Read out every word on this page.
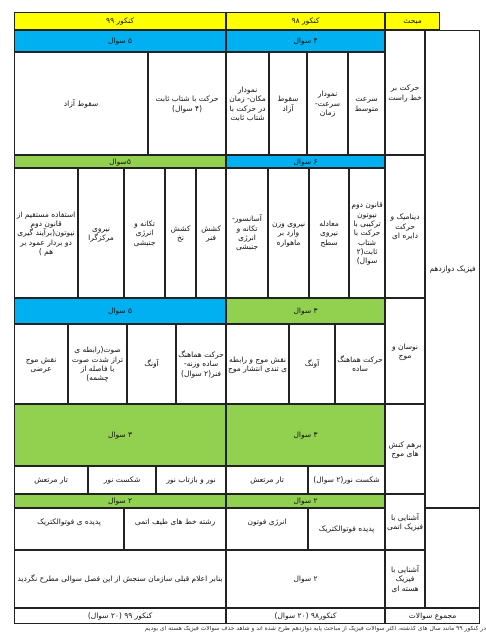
مبحث
کنکور ۹۸
کنکور ۹۹
فیزیک دوازدهم
حرکت بر خط راست
۴ سوال
سرعت متوسط
نمودار سرعت- زمان
سقوط آزاد
نمودار مکان- زمان در حرکت با شتاب ثابت
۵ سوال
حرکت با شتاب ثابت
(۴ سوال)
سقوط آزاد
دینامیک و حرکت دایره ای
۶ سوال
قانون دوم نیوتون ترکیبی با حرکت با شتاب ثابت(۲ سوال)
معادله نیروی سطح
نیروی وزن وارد بر ماهواره
آسانسور- تکانه و انرژی جنبشی
۵سوال
کشش فنر
کشش نخ
تکانه و انرژی جنبشی
نیروی مرکزگرا
استفاده مستقیم از قانون دوم نیوتون(برآیند گیری دو بردار عمود بر هم )
نوسان و موج
۳ سوال
حرکت هماهنگ ساده
آونگ
نقش موج و رابطه ی تندی انتشار موج
۵ سوال
حرکت هماهنگ ساده وزنه- فنر(۲ سوال)
آونگ
صوت(رابطه ی تراز شدت صوت با فاصله از چشمه)
نقش موج عرضی
برهم کنش های موج
۳ سوال
شکست نور(۲ سوال)
تار مرتعش
۳ سوال
نور و بازتاب نور
شکست نور
تار مرتعش
آشنایی با فیزیک اتمی
۲ سوال
پدیده فوتوالکتریک
انرژی فوتون
۲ سوال
رشته خط های طیف اتمی
پدیده ی فوتوالکتریک
آشنایی با فیزیک هسته ای
۲ سوال
بنابر اعلام قبلی سازمان سنجش از این فصل سوالی مطرح نگردید
مجموع سوالات
کنکور۹۸ (۲۰ سوال)
کنکور ۹۹ (۲۰ سوال)
در کنکور ۹۹ مانند سال های گذشته، اکثر سوالات فیزیک از مباحث پایه دوازدهم طرح شده اند و شاهد حذف سوالات فیزیک هسته ای بودیم
